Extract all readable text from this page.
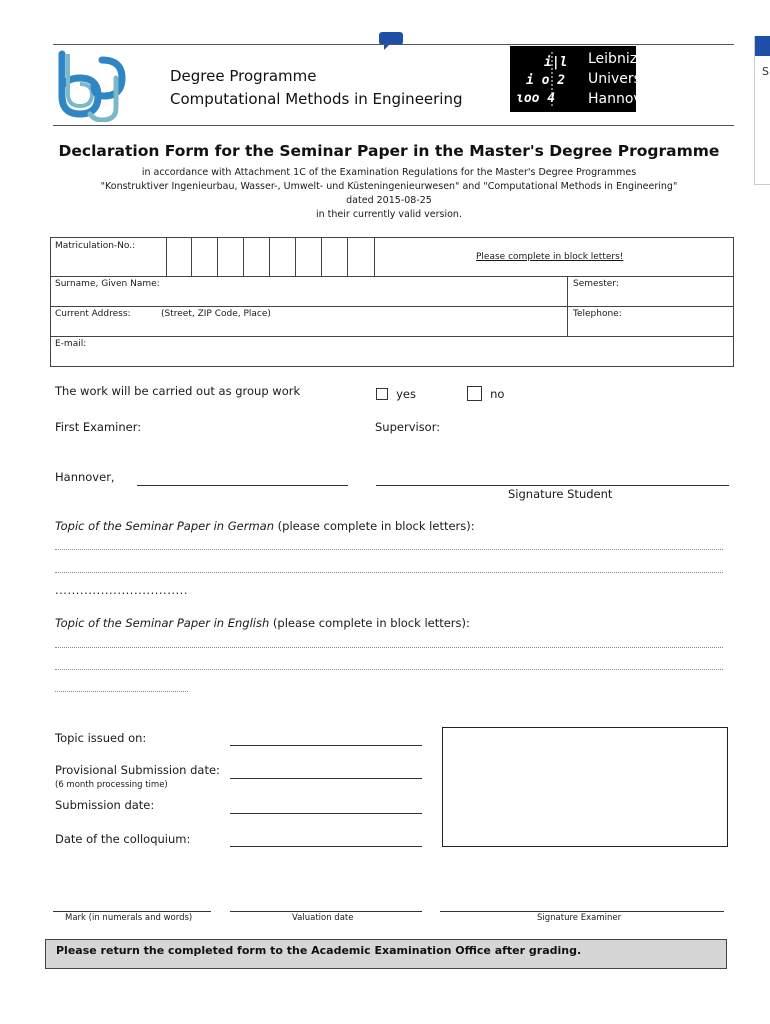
S
Degree Programme
Computational Methods in Engineering
i|l
i o 2
ɩoo 4
Leibniz
Universität
Hannover
Declaration Form for the Seminar Paper in the Master's Degree Programme
in accordance with Attachment 1C of the Examination Regulations for the Master's Degree Programmes
"Konstruktiver Ingenieurbau, Wasser-, Umwelt- und Küsteningenieurwesen" and "Computational Methods in Engineering"
dated 2015-08-25
in their currently valid version.
Matriculation-No.:
Please complete in block letters!
Surname, Given Name:	Semester:
Current Address:	(Street, ZIP Code, Place)	Telephone:
E-mail:
The work will be carried out as group work	yes	no
First Examiner:	Supervisor:
Hannover,
Signature Student
Topic of the Seminar Paper in German (please complete in block letters):
................................
Topic of the Seminar Paper in English (please complete in block letters):
Topic issued on:
Provisional Submission date:
(6 month processing time)
Submission date:
Date of the colloquium:
Mark (in numerals and words)	Valuation date	Signature Examiner
Please return the completed form to the Academic Examination Office after grading.
